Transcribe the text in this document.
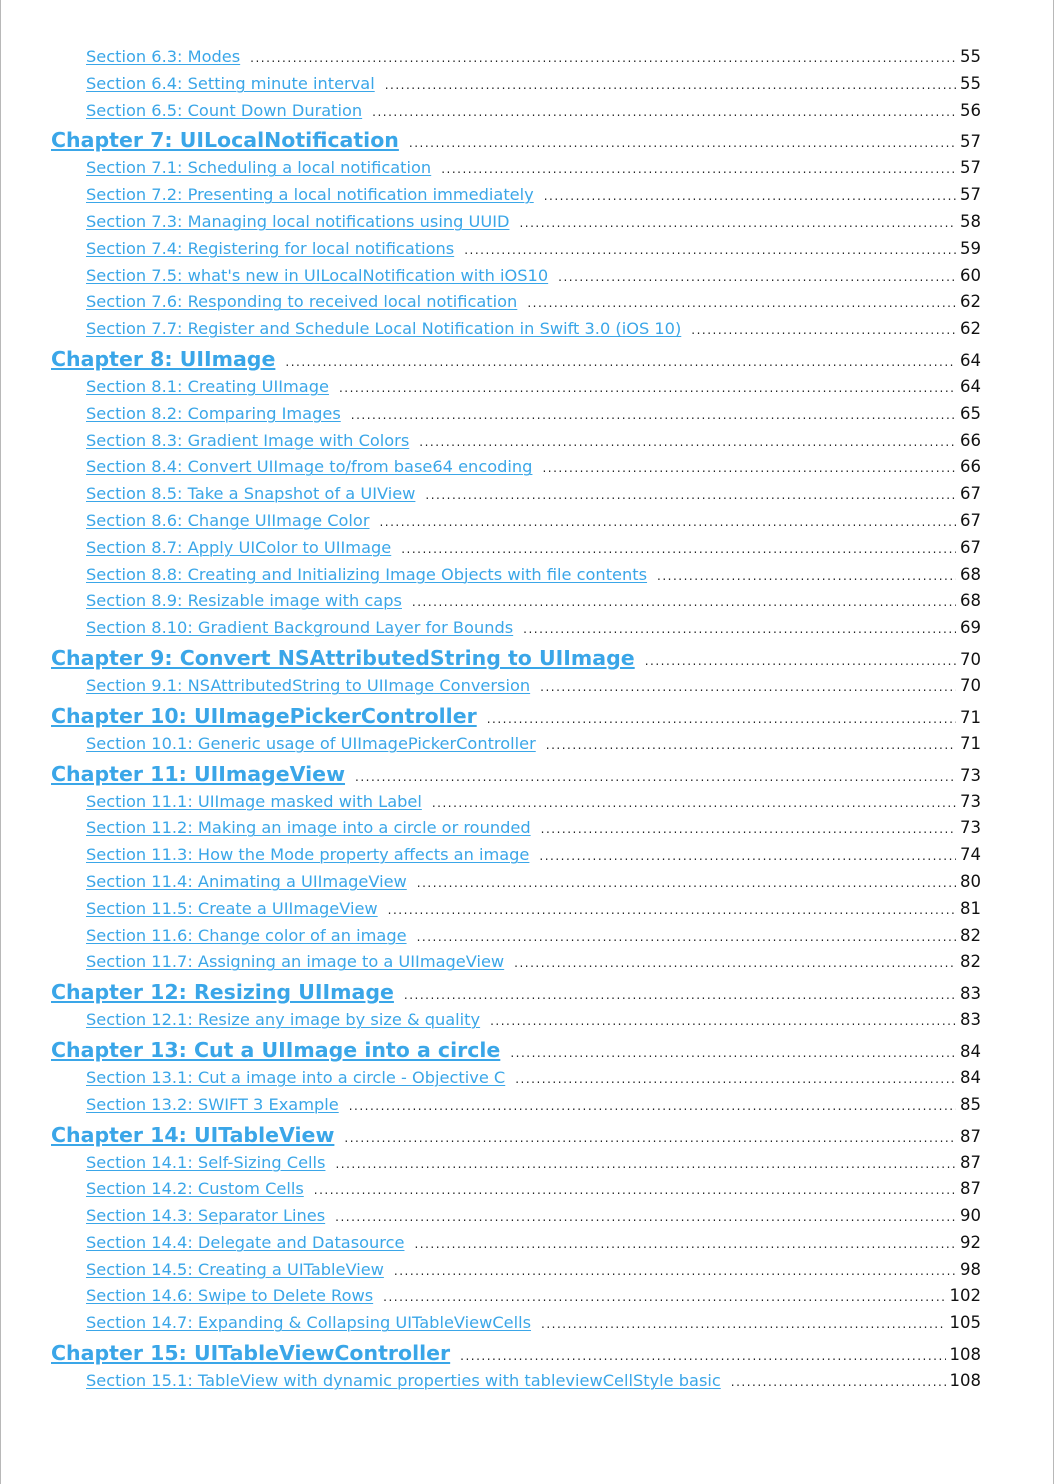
Section 6.3: Modes .....	55
Section 6.4: Setting minute interval .....	55
Section 6.5: Count Down Duration .....	56
Chapter 7: UILocalNotification .....	57
Section 7.1: Scheduling a local notification .....	57
Section 7.2: Presenting a local notification immediately .....	57
Section 7.3: Managing local notifications using UUID .....	58
Section 7.4: Registering for local notifications .....	59
Section 7.5: what's new in UILocalNotification with iOS10 .....	60
Section 7.6: Responding to received local notification .....	62
Section 7.7: Register and Schedule Local Notification in Swift 3.0 (iOS 10) .....	62
Chapter 8: UIImage .....	64
Section 8.1: Creating UIImage .....	64
Section 8.2: Comparing Images .....	65
Section 8.3: Gradient Image with Colors .....	66
Section 8.4: Convert UIImage to/from base64 encoding .....	66
Section 8.5: Take a Snapshot of a UIView .....	67
Section 8.6: Change UIImage Color .....	67
Section 8.7: Apply UIColor to UIImage .....	67
Section 8.8: Creating and Initializing Image Objects with file contents .....	68
Section 8.9: Resizable image with caps .....	68
Section 8.10: Gradient Background Layer for Bounds .....	69
Chapter 9: Convert NSAttributedString to UIImage .....	70
Section 9.1: NSAttributedString to UIImage Conversion .....	70
Chapter 10: UIImagePickerController .....	71
Section 10.1: Generic usage of UIImagePickerController .....	71
Chapter 11: UIImageView .....	73
Section 11.1: UIImage masked with Label .....	73
Section 11.2: Making an image into a circle or rounded .....	73
Section 11.3: How the Mode property affects an image .....	74
Section 11.4: Animating a UIImageView .....	80
Section 11.5: Create a UIImageView .....	81
Section 11.6: Change color of an image .....	82
Section 11.7: Assigning an image to a UIImageView .....	82
Chapter 12: Resizing UIImage .....	83
Section 12.1: Resize any image by size & quality .....	83
Chapter 13: Cut a UIImage into a circle .....	84
Section 13.1: Cut a image into a circle - Objective C .....	84
Section 13.2: SWIFT 3 Example .....	85
Chapter 14: UITableView .....	87
Section 14.1: Self-Sizing Cells .....	87
Section 14.2: Custom Cells .....	87
Section 14.3: Separator Lines .....	90
Section 14.4: Delegate and Datasource .....	92
Section 14.5: Creating a UITableView .....	98
Section 14.6: Swipe to Delete Rows .....	102
Section 14.7: Expanding & Collapsing UITableViewCells .....	105
Chapter 15: UITableViewController .....	108
Section 15.1: TableView with dynamic properties with tableviewCellStyle basic .....	108
